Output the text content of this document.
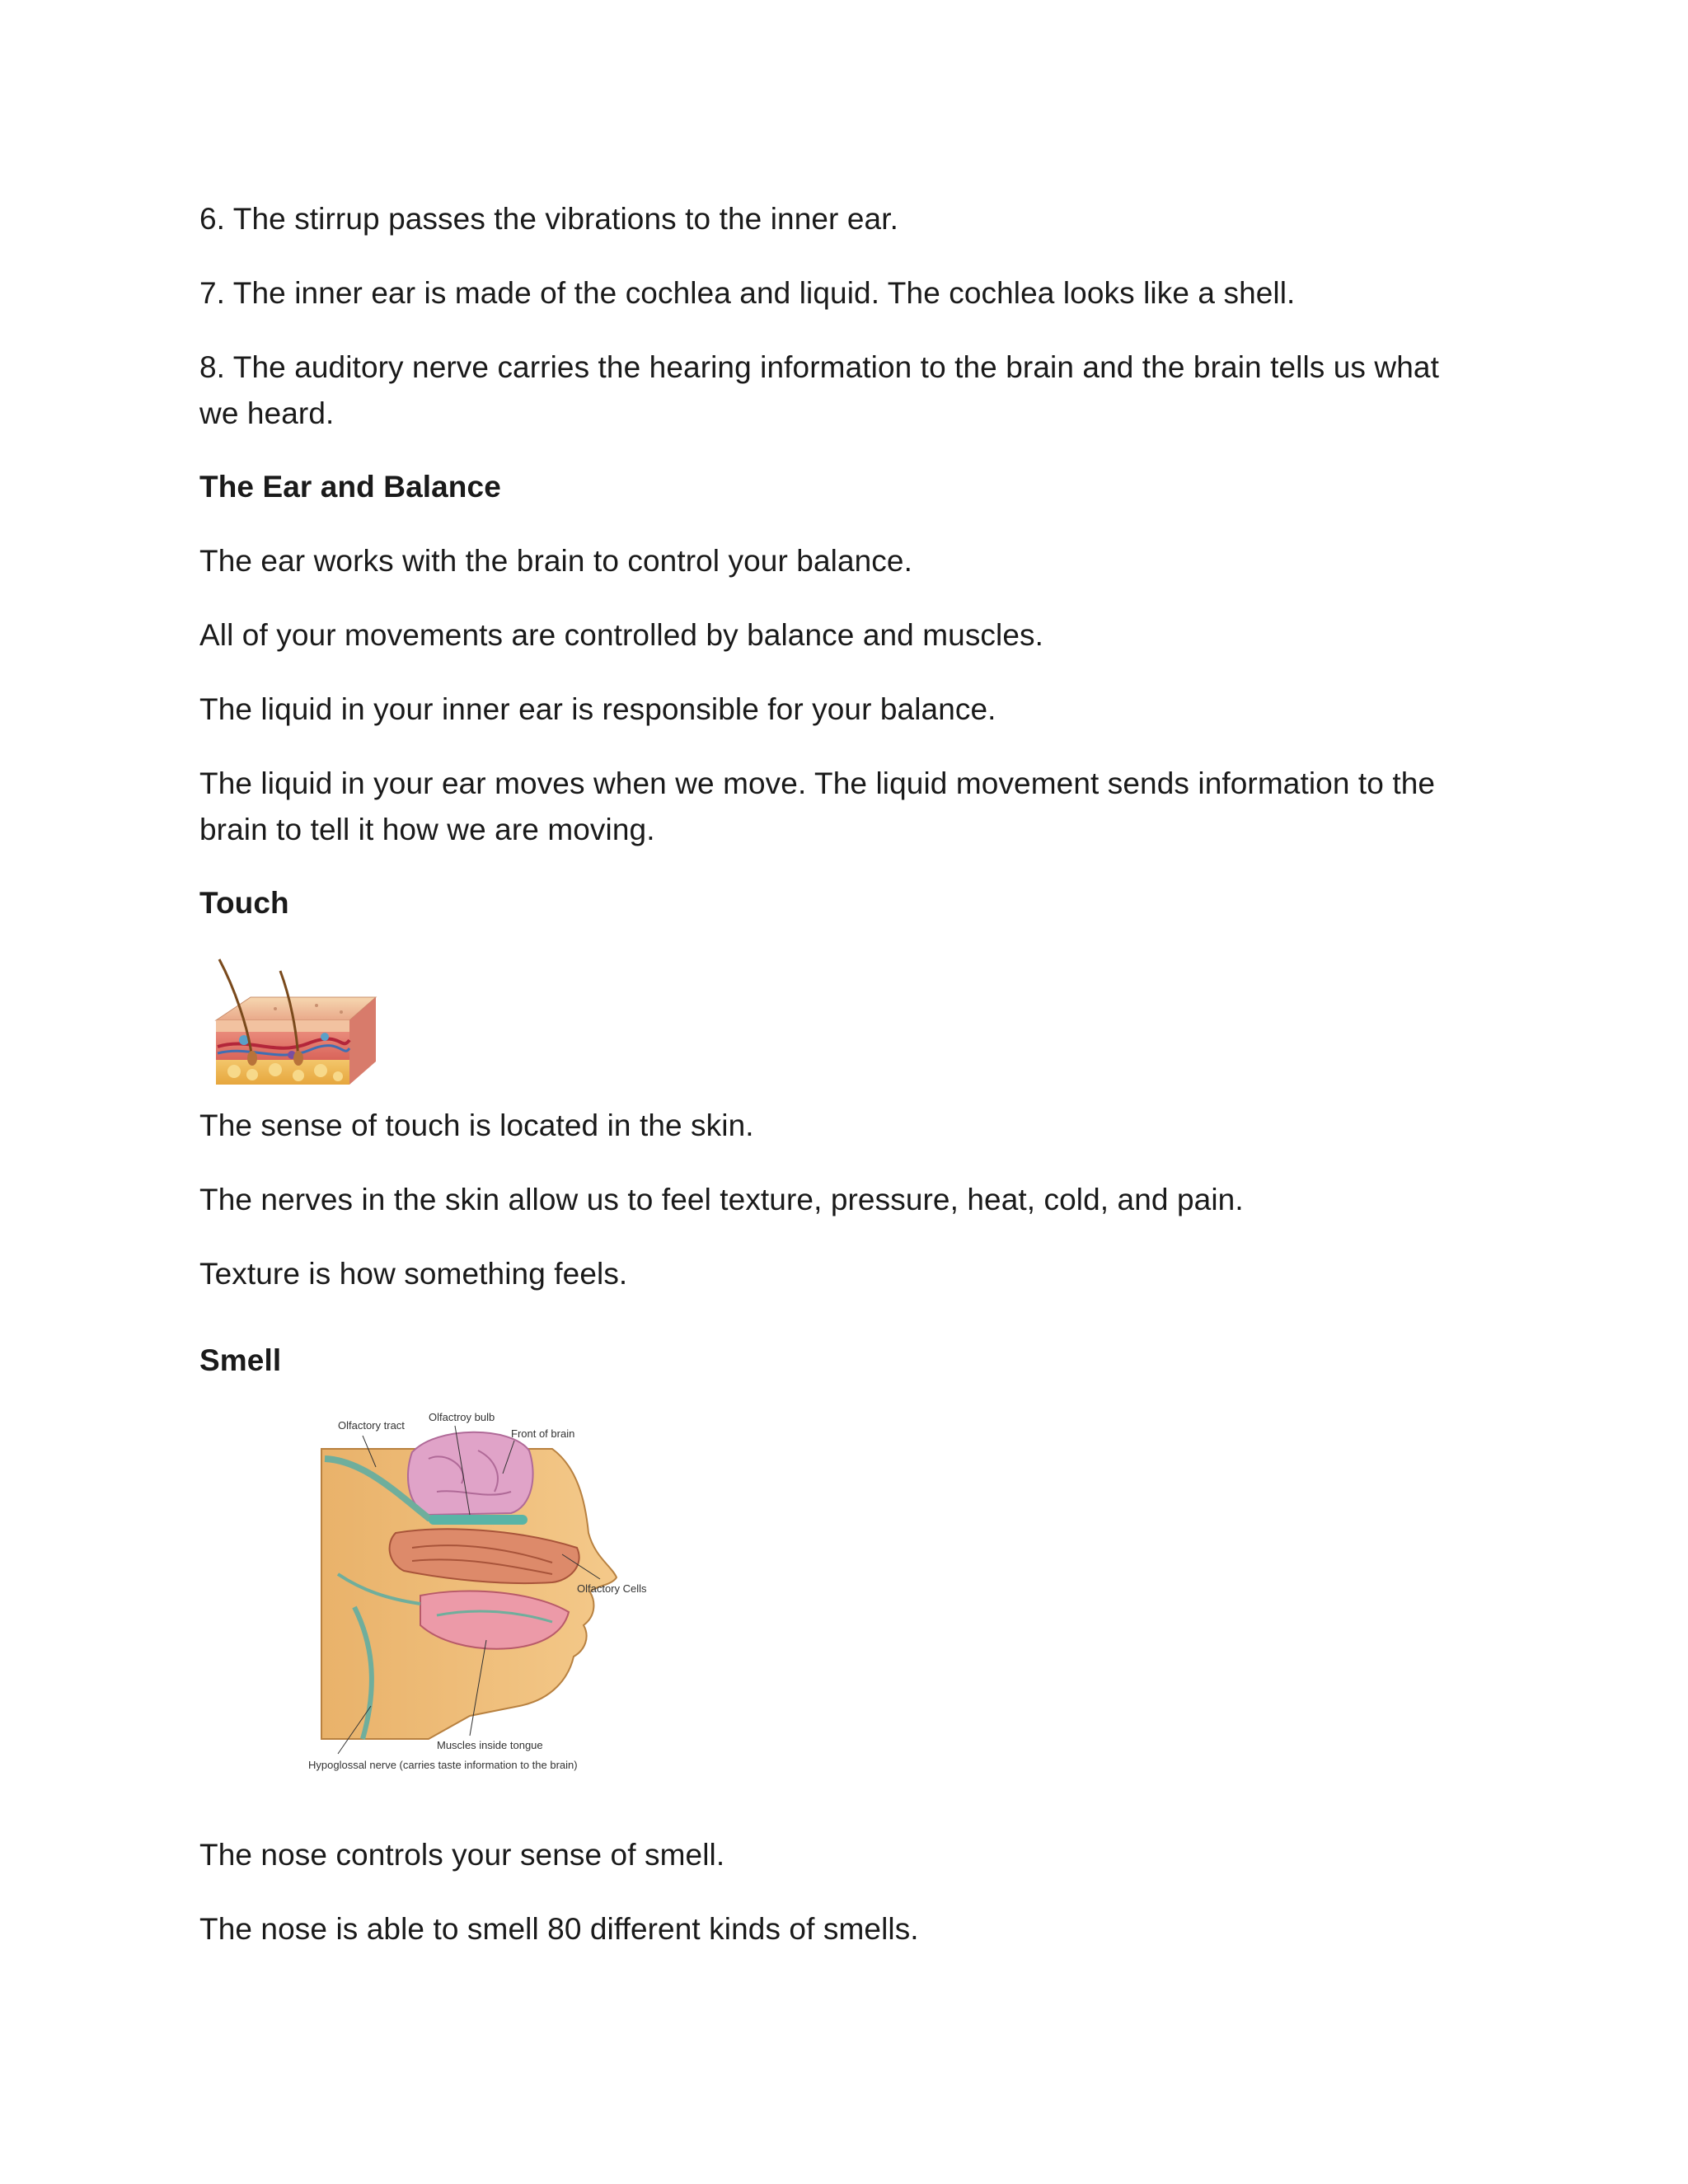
6. The stirrup passes the vibrations to the inner ear.

7. The inner ear is made of the cochlea and liquid. The cochlea looks like a shell.

8. The auditory nerve carries the hearing information to the brain and the brain tells us what we heard.

The Ear and Balance

The ear works with the brain to control your balance.

All of your movements are controlled by balance and muscles.

The liquid in your inner ear is responsible for your balance.

The liquid in your ear moves when we move. The liquid movement sends information to the brain to tell it how we are moving.

Touch

The sense of touch is located in the skin.

The nerves in the skin allow us to feel texture, pressure, heat, cold, and pain.

Texture is how something feels.

Smell

Olfactory tract
Olfactroy bulb
Front of brain
Olfactory Cells
Muscles inside tongue
Hypoglossal nerve (carries taste information to the brain)

The nose controls your sense of smell.

The nose is able to smell 80 different kinds of smells.
